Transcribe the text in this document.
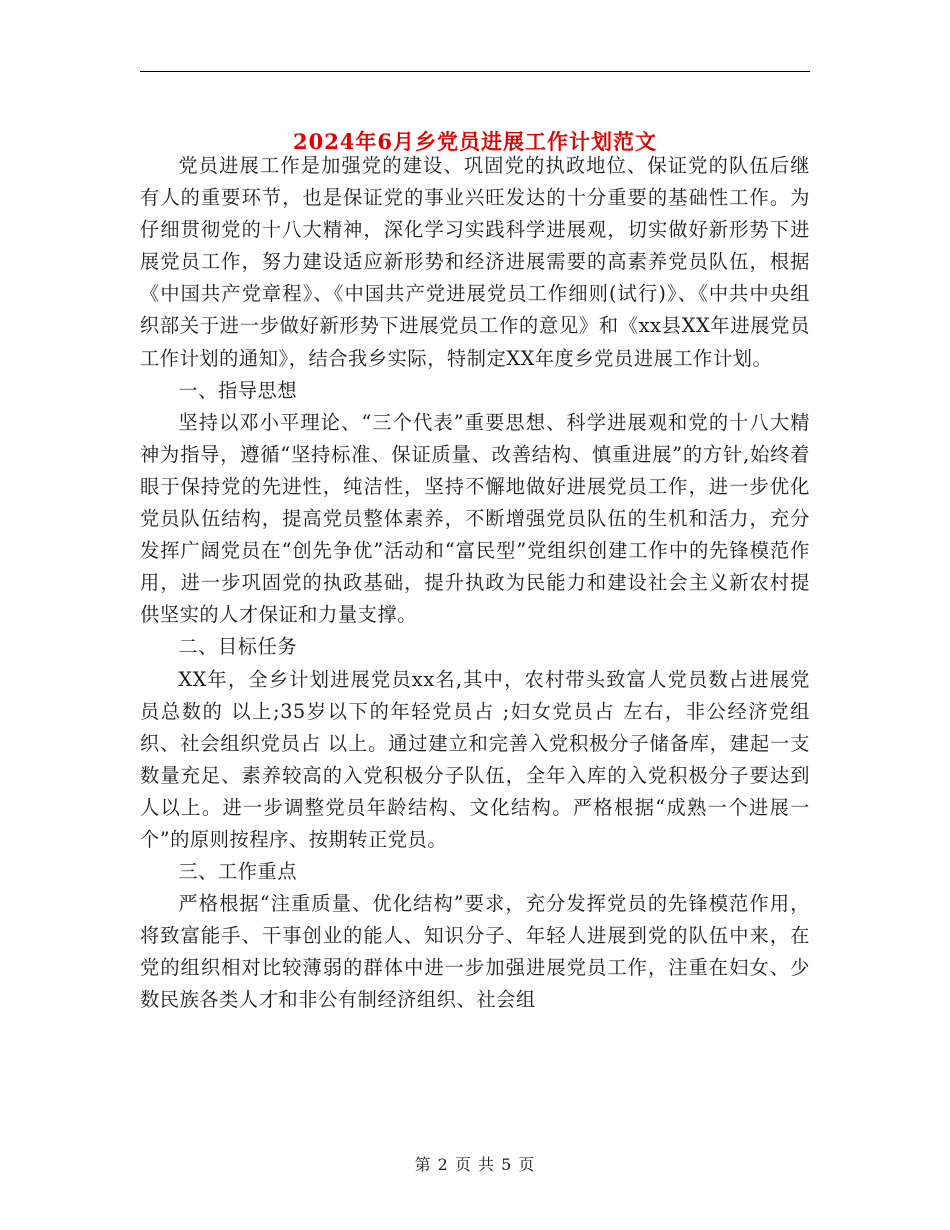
2024年6月乡党员进展工作计划范文

党员进展工作是加强党的建设、巩固党的执政地位、保证党的队伍后继有人的重要环节，也是保证党的事业兴旺发达的十分重要的基础性工作。为仔细贯彻党的十八大精神，深化学习实践科学进展观，切实做好新形势下进展党员工作，努力建设适应新形势和经济进展需要的高素养党员队伍，根据《中国共产党章程》、《中国共产党进展党员工作细则(试行)》、《中共中央组织部关于进一步做好新形势下进展党员工作的意见》和《xx县XX年进展党员工作计划的通知》，结合我乡实际，特制定XX年度乡党员进展工作计划。

一、指导思想

坚持以邓小平理论、“三个代表”重要思想、科学进展观和党的十八大精神为指导，遵循“坚持标准、保证质量、改善结构、慎重进展”的方针,始终着眼于保持党的先进性，纯洁性，坚持不懈地做好进展党员工作，进一步优化党员队伍结构，提高党员整体素养，不断增强党员队伍的生机和活力，充分发挥广阔党员在“创先争优”活动和“富民型”党组织创建工作中的先锋模范作用，进一步巩固党的执政基础，提升执政为民能力和建设社会主义新农村提供坚实的人才保证和力量支撑。

二、目标任务

XX年，全乡计划进展党员xx名,其中，农村带头致富人党员数占进展党员总数的 以上;35岁以下的年轻党员占 ;妇女党员占 左右，非公经济党组织、社会组织党员占 以上。通过建立和完善入党积极分子储备库，建起一支数量充足、素养较高的入党积极分子队伍，全年入库的入党积极分子要达到 人以上。进一步调整党员年龄结构、文化结构。严格根据“成熟一个进展一个”的原则按程序、按期转正党员。

三、工作重点

严格根据“注重质量、优化结构”要求，充分发挥党员的先锋模范作用，将致富能手、干事创业的能人、知识分子、年轻人进展到党的队伍中来，在党的组织相对比较薄弱的群体中进一步加强进展党员工作，注重在妇女、少数民族各类人才和非公有制经济组织、社会组

第 2 页 共 5 页
